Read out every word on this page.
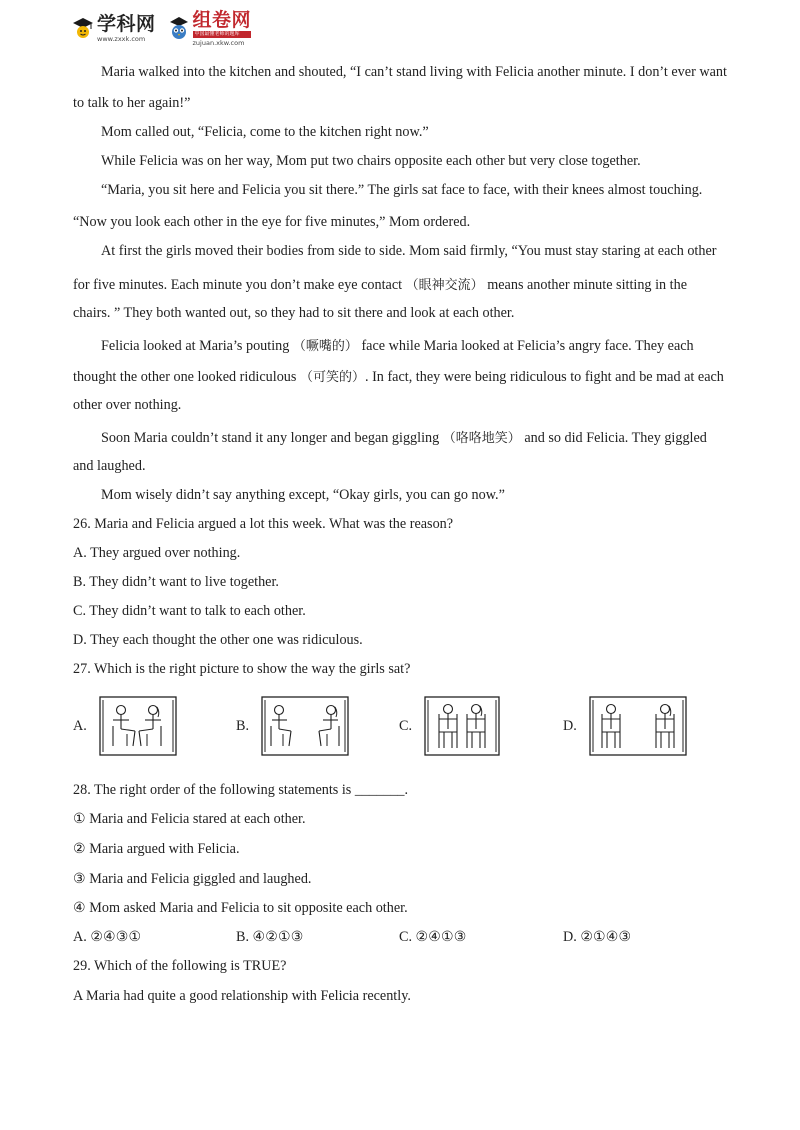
学科网
www.zxxk.com
组卷网
中国最懂老师的题库
zujuan.xkw.com
Maria walked into the kitchen and shouted, “I can’t stand living with Felicia another minute. I don’t ever want
to talk to her again!”
Mom called out, “Felicia, come to the kitchen right now.”
While Felicia was on her way, Mom put two chairs opposite each other but very close together.
“Maria, you sit here and Felicia you sit there.” The girls sat face to face, with their knees almost touching.
“Now you look each other in the eye for five minutes,” Mom ordered.
At first the girls moved their bodies from side to side. Mom said firmly, “You must stay staring at each other
for five minutes. Each minute you don’t make eye contact （眼神交流） means another minute sitting in the
chairs. ” They both wanted out, so they had to sit there and look at each other.
Felicia looked at Maria’s pouting （噘嘴的） face while Maria looked at Felicia’s angry face. They each
thought the other one looked ridiculous （可笑的）. In fact, they were being ridiculous to fight and be mad at each
other over nothing.
Soon Maria couldn’t stand it any longer and began giggling （咯咯地笑） and so did Felicia. They giggled
and laughed.
Mom wisely didn’t say anything except, “Okay girls, you can go now.”
26. Maria and Felicia argued a lot this week. What was the reason?
A. They argued over nothing.
B. They didn’t want to live together.
C. They didn’t want to talk to each other.
D. They each thought the other one was ridiculous.
27. Which is the right picture to show the way the girls sat?
A.	B.	C.	D.
28. The right order of the following statements is _______.
① Maria and Felicia stared at each other.
② Maria argued with Felicia.
③ Maria and Felicia giggled and laughed.
④ Mom asked Maria and Felicia to sit opposite each other.
A. ②④③①	B. ④②①③	C. ②④①③	D. ②①④③
29. Which of the following is TRUE?
A Maria had quite a good relationship with Felicia recently.
